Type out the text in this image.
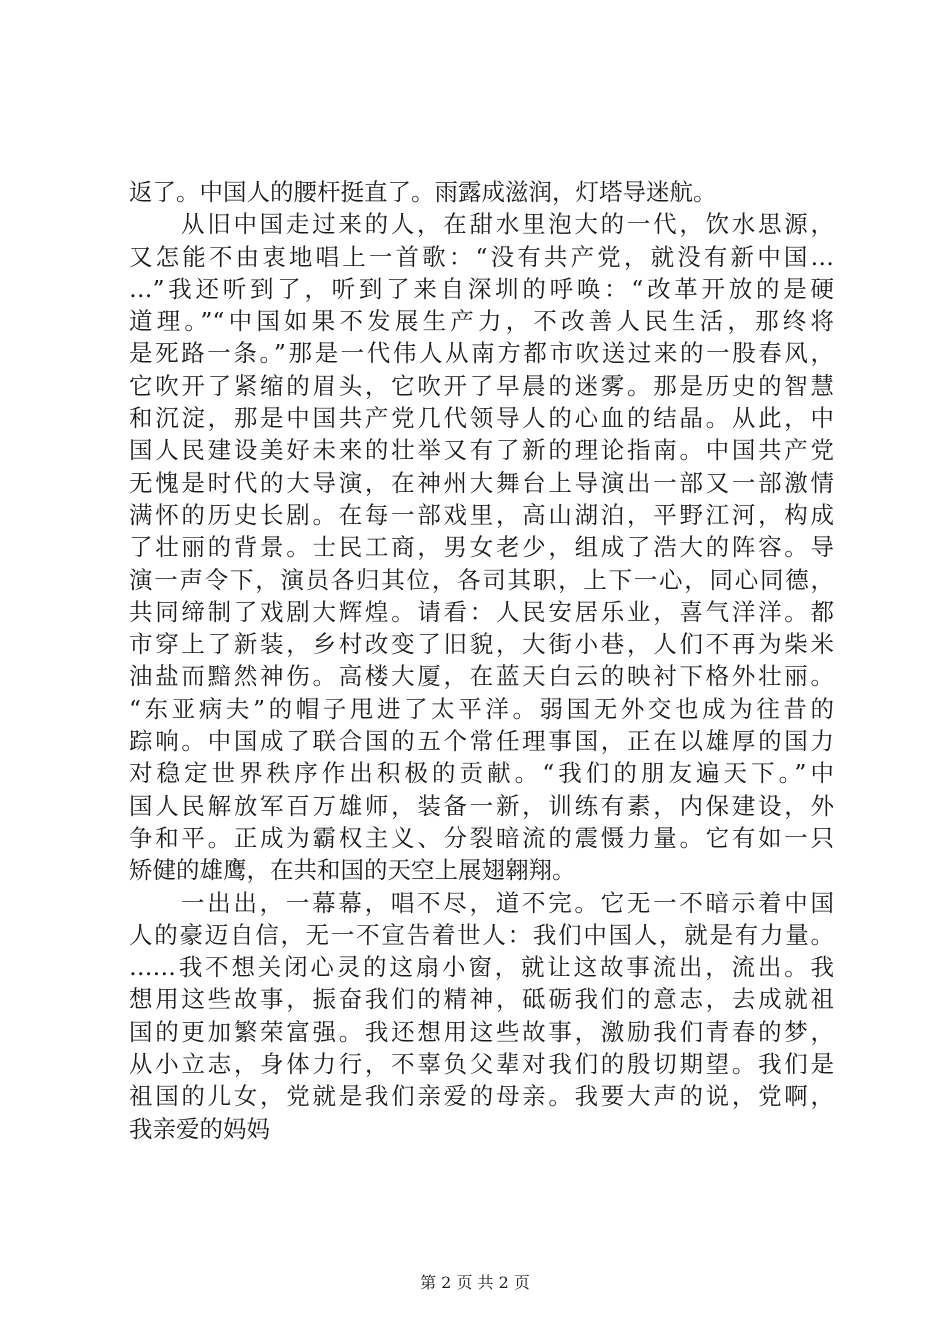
返了。中国人的腰杆挺直了。雨露成滋润，灯塔导迷航。
从旧中国走过来的人，在甜水里泡大的一代，饮水思源，
又怎能不由衷地唱上一首歌：“没有共产党，就没有新中国…
…”我还听到了，听到了来自深圳的呼唤：“改革开放的是硬
道理。”“中国如果不发展生产力，不改善人民生活，那终将
是死路一条。”那是一代伟人从南方都市吹送过来的一股春风，
它吹开了紧缩的眉头，它吹开了早晨的迷雾。那是历史的智慧
和沉淀，那是中国共产党几代领导人的心血的结晶。从此，中
国人民建设美好未来的壮举又有了新的理论指南。中国共产党
无愧是时代的大导演，在神州大舞台上导演出一部又一部激情
满怀的历史长剧。在每一部戏里，高山湖泊，平野江河，构成
了壮丽的背景。士民工商，男女老少，组成了浩大的阵容。导
演一声令下，演员各归其位，各司其职，上下一心，同心同德，
共同缔制了戏剧大辉煌。请看：人民安居乐业，喜气洋洋。都
市穿上了新装，乡村改变了旧貌，大街小巷，人们不再为柴米
油盐而黯然神伤。高楼大厦，在蓝天白云的映衬下格外壮丽。
“东亚病夫”的帽子甩进了太平洋。弱国无外交也成为往昔的
踪响。中国成了联合国的五个常任理事国，正在以雄厚的国力
对稳定世界秩序作出积极的贡献。“我们的朋友遍天下。”中
国人民解放军百万雄师，装备一新，训练有素，内保建设，外
争和平。正成为霸权主义、分裂暗流的震慑力量。它有如一只
矫健的雄鹰，在共和国的天空上展翅翱翔。
一出出，一幕幕，唱不尽，道不完。它无一不暗示着中国
人的豪迈自信，无一不宣告着世人：我们中国人，就是有力量。
……我不想关闭心灵的这扇小窗，就让这故事流出，流出。我
想用这些故事，振奋我们的精神，砥砺我们的意志，去成就祖
国的更加繁荣富强。我还想用这些故事，激励我们青春的梦，
从小立志，身体力行，不辜负父辈对我们的殷切期望。我们是
祖国的儿女，党就是我们亲爱的母亲。我要大声的说，党啊，
我亲爱的妈妈
第 2 页 共 2 页
